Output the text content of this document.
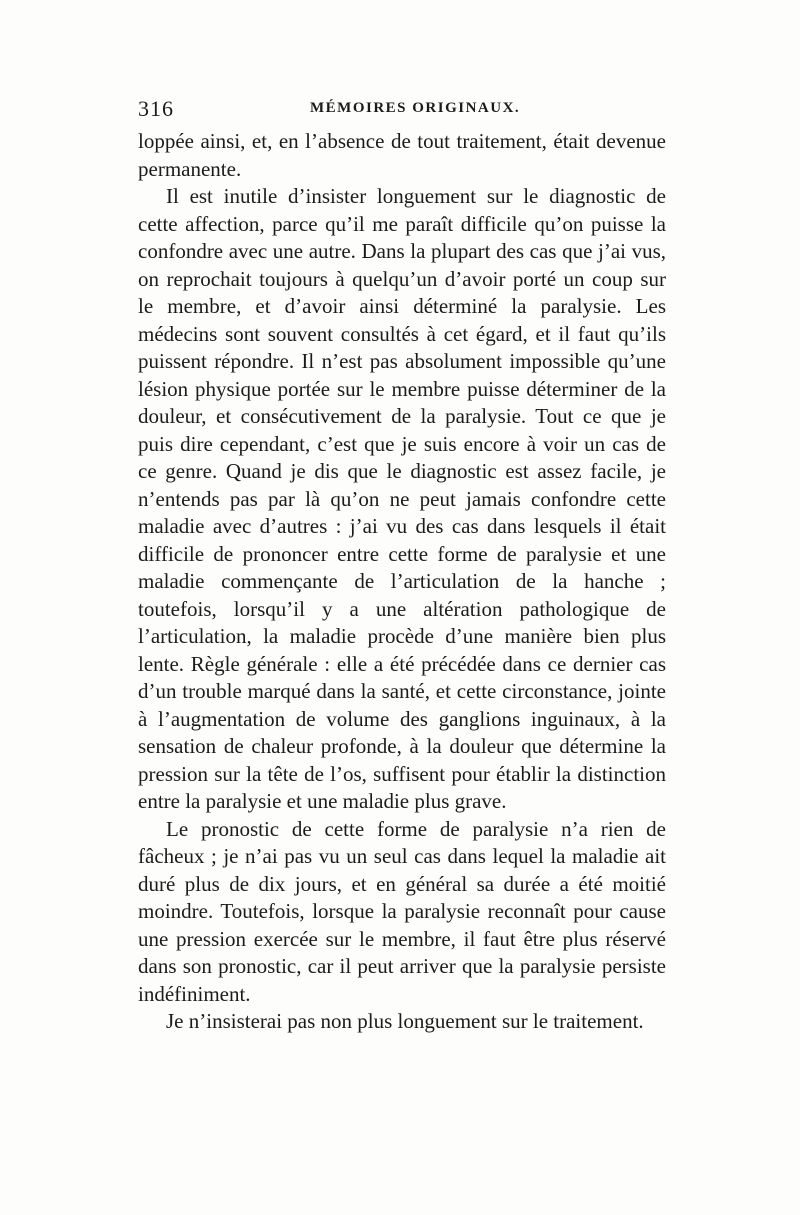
316	MÉMOIRES ORIGINAUX.

loppée ainsi, et, en l’absence de tout traitement, était devenue permanente.

Il est inutile d’insister longuement sur le diagnostic de cette affection, parce qu’il me paraît difficile qu’on puisse la confondre avec une autre. Dans la plupart des cas que j’ai vus, on reprochait toujours à quelqu’un d’avoir porté un coup sur le membre, et d’avoir ainsi déterminé la paralysie. Les médecins sont souvent consultés à cet égard, et il faut qu’ils puissent répondre. Il n’est pas absolument impossible qu’une lésion physique portée sur le membre puisse déterminer de la douleur, et consécutivement de la paralysie. Tout ce que je puis dire cependant, c’est que je suis encore à voir un cas de ce genre. Quand je dis que le diagnostic est assez facile, je n’entends pas par là qu’on ne peut jamais confondre cette maladie avec d’autres : j’ai vu des cas dans lesquels il était difficile de prononcer entre cette forme de paralysie et une maladie commençante de l’articulation de la hanche ; toutefois, lorsqu’il y a une altération pathologique de l’articulation, la maladie procède d’une manière bien plus lente. Règle générale : elle a été précédée dans ce dernier cas d’un trouble marqué dans la santé, et cette circonstance, jointe à l’augmentation de volume des ganglions inguinaux, à la sensation de chaleur profonde, à la douleur que détermine la pression sur la tête de l’os, suffisent pour établir la distinction entre la paralysie et une maladie plus grave.

Le pronostic de cette forme de paralysie n’a rien de fâcheux ; je n’ai pas vu un seul cas dans lequel la maladie ait duré plus de dix jours, et en général sa durée a été moitié moindre. Toutefois, lorsque la paralysie reconnaît pour cause une pression exercée sur le membre, il faut être plus réservé dans son pronostic, car il peut arriver que la paralysie persiste indéfiniment.

Je n’insisterai pas non plus longuement sur le traitement.
